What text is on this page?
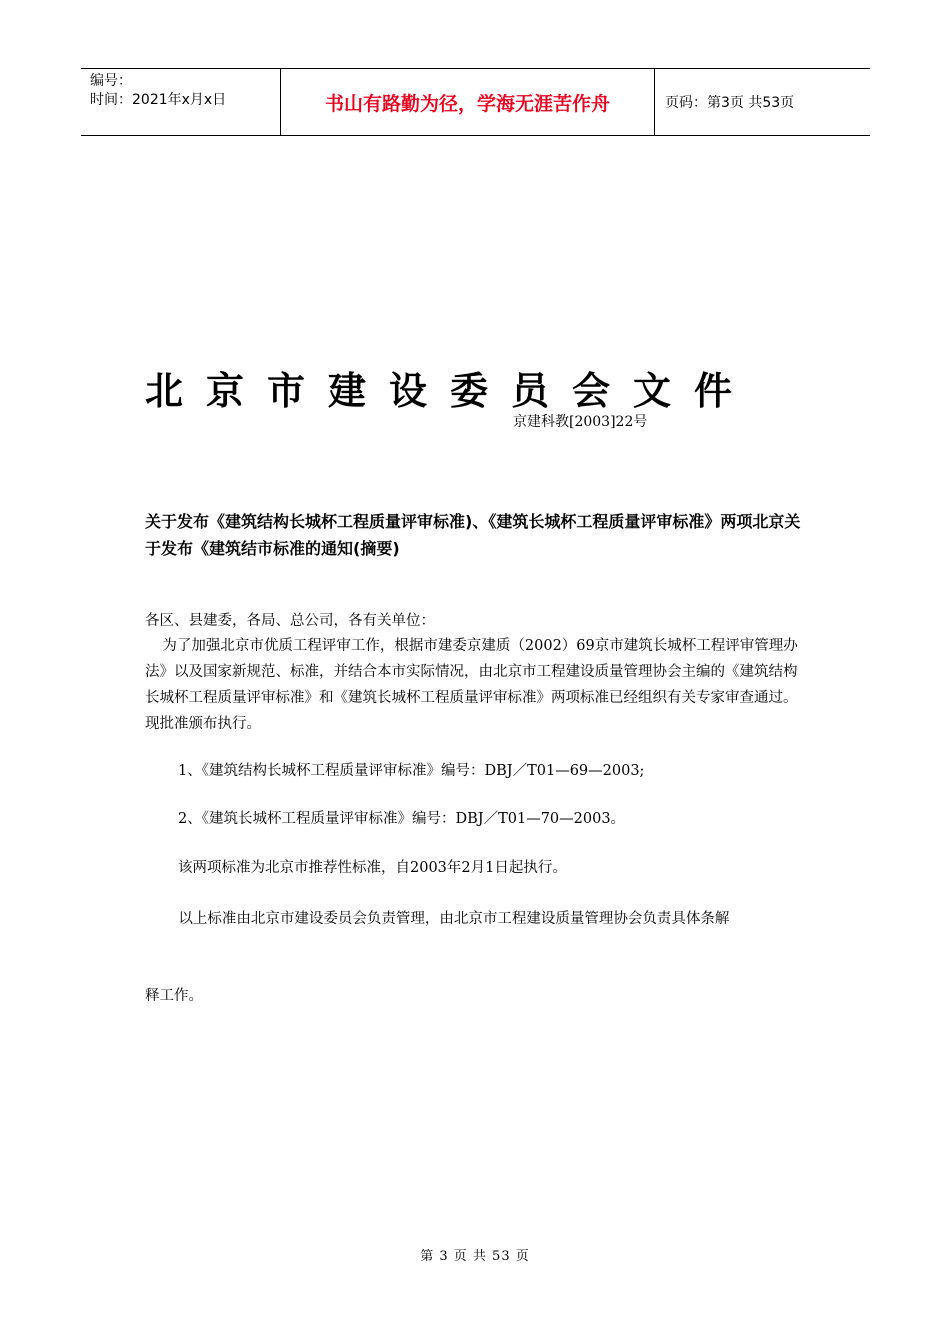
编号：
时间：2021年x月x日	书山有路勤为径，学海无涯苦作舟	页码：第3页 共53页
北京市建设委员会文件
京建科教[2003]22号
关于发布《建筑结构长城杯工程质量评审标准)、《建筑长城杯工程质量评审标准》两项北京关于发布《建筑结市标准的通知(摘要)
各区、县建委，各局、总公司，各有关单位：
为了加强北京市优质工程评审工作，根据市建委京建质（2002）69京市建筑长城杯工程评审管理办法》以及国家新规范、标准，并结合本市实际情况，由北京市工程建设质量管理协会主编的《建筑结构长城杯工程质量评审标准》和《建筑长城杯工程质量评审标准》两项标准已经组织有关专家审查通过。现批准颁布执行。
1、《建筑结构长城杯工程质量评审标准》编号：DBJ／T01—69—2003;
2、《建筑长城杯工程质量评审标准》编号：DBJ／T01—70—2003。
该两项标准为北京市推荐性标准，自2003年2月1日起执行。
以上标准由北京市建设委员会负责管理，由北京市工程建设质量管理协会负责具体条解
释工作。
第 3 页 共 53 页
